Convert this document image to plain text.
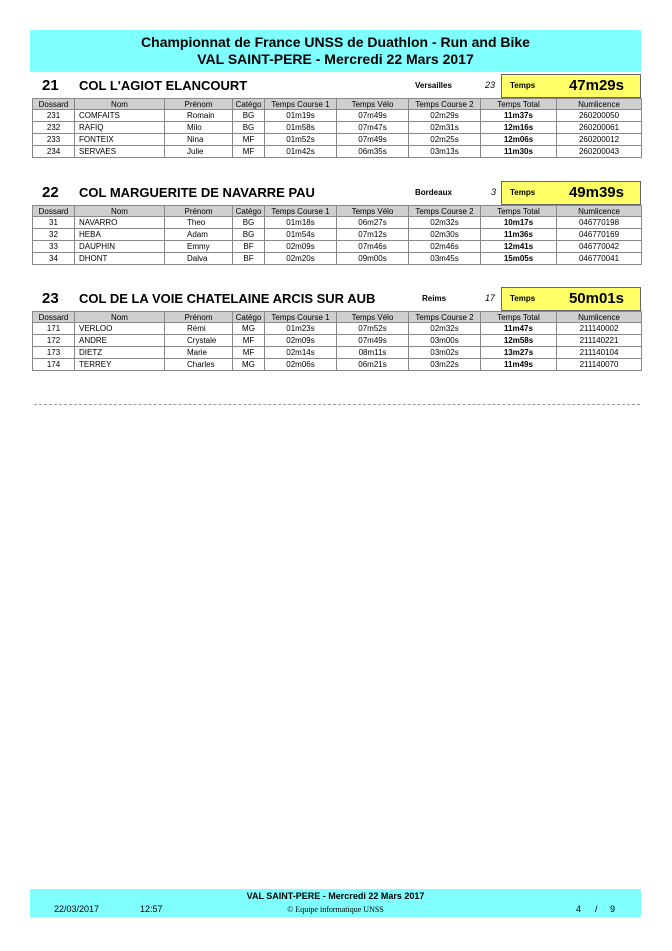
Championnat de France UNSS de Duathlon - Run and Bike
VAL SAINT-PERE - Mercredi 22 Mars 2017
21 COL L'AGIOT ELANCOURT	Versailles	23 Temps 47m29s
Dossard	Nom	Prénom	Catégo	Temps Course 1	Temps Vélo	Temps Course 2	Temps Total	Numlicence
231	COMFAITS	Romain	BG	01m19s	07m49s	02m29s	11m37s	260200050
232	RAFIQ	Milo	BG	01m58s	07m47s	02m31s	12m16s	260200061
233	FONTEIX	Nina	MF	01m52s	07m49s	02m25s	12m06s	260200012
234	SERVAES	Julie	MF	01m42s	06m35s	03m13s	11m30s	260200043
22 COL MARGUERITE DE NAVARRE PAU	Bordeaux	3 Temps 49m39s
Dossard	Nom	Prénom	Catégo	Temps Course 1	Temps Vélo	Temps Course 2	Temps Total	Numlicence
31	NAVARRO	Theo	BG	01m18s	06m27s	02m32s	10m17s	046770198
32	HEBA	Adam	BG	01m54s	07m12s	02m30s	11m36s	046770169
33	DAUPHIN	Emmy	BF	02m09s	07m46s	02m46s	12m41s	046770042
34	DHONT	Dalva	BF	02m20s	09m00s	03m45s	15m05s	046770041
23 COL DE LA VOIE CHATELAINE ARCIS SUR AUB	Reims	17 Temps 50m01s
Dossard	Nom	Prénom	Catégo	Temps Course 1	Temps Vélo	Temps Course 2	Temps Total	Numlicence
171	VERLOO	Rémi	MG	01m23s	07m52s	02m32s	11m47s	211140002
172	ANDRE	Crystale	MF	02m09s	07m49s	03m00s	12m58s	211140221
173	DIETZ	Marie	MF	02m14s	08m11s	03m02s	13m27s	211140104
174	TERREY	Charles	MG	02m06s	06m21s	03m22s	11m49s	211140070
VAL SAINT-PERE - Mercredi 22 Mars 2017
22/03/2017	12:57	© Equipe informatique UNSS	4 / 9
